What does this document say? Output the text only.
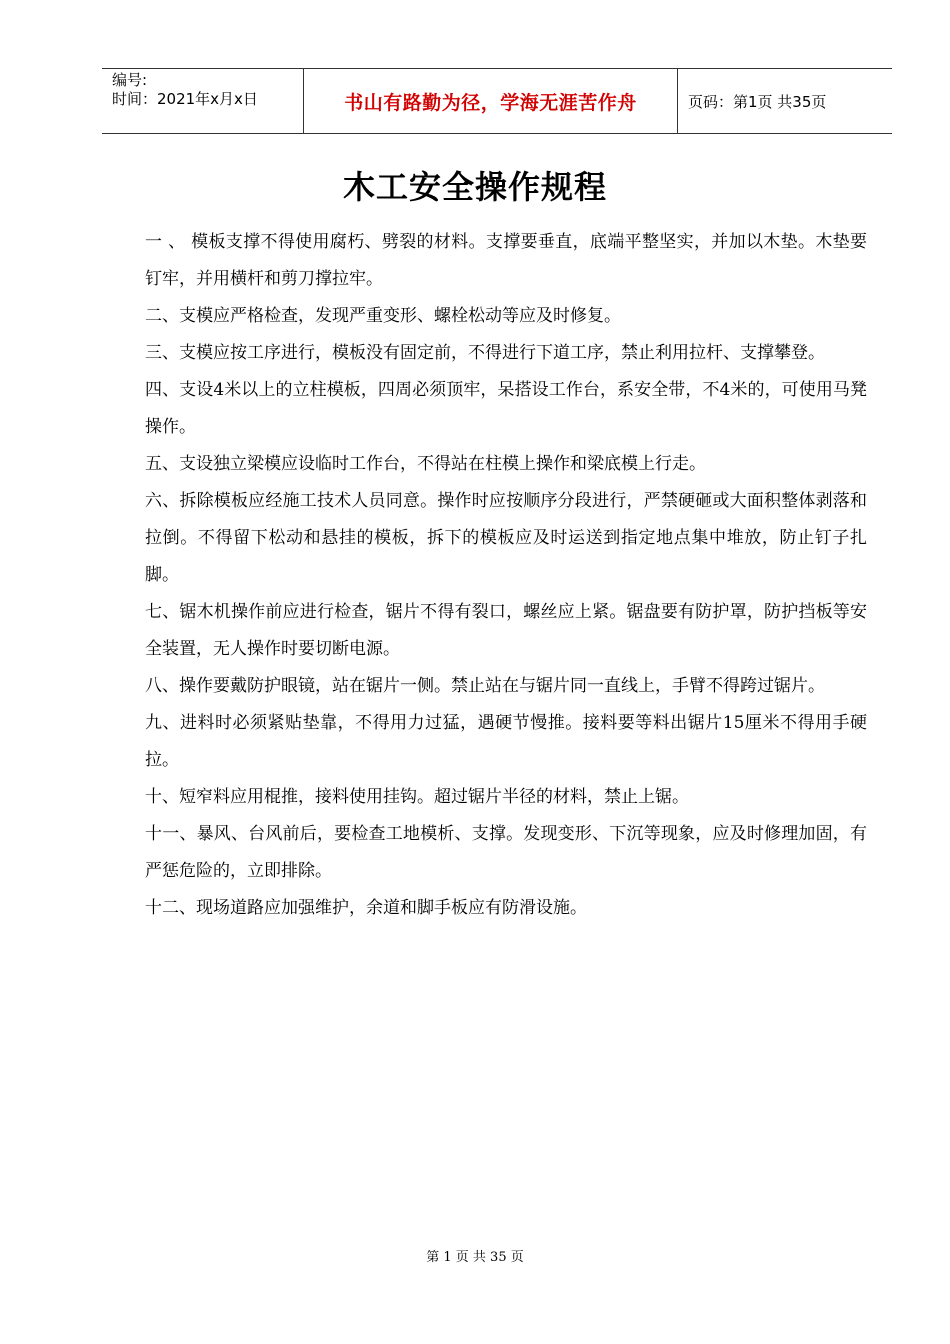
编号:
时间：2021年x月x日	书山有路勤为径，学海无涯苦作舟	页码：第1页 共35页
木工安全操作规程

一 、 模板支撑不得使用腐朽、劈裂的材料。支撑要垂直，底端平整坚实，并加以木垫。木垫要钉牢，并用横杆和剪刀撑拉牢。

二、支模应严格检查，发现严重变形、螺栓松动等应及时修复。

三、支模应按工序进行，模板没有固定前，不得进行下道工序，禁止利用拉杆、支撑攀登。

四、支设4米以上的立柱模板，四周必须顶牢，呆搭设工作台，系安全带，不4米的，可使用马凳操作。

五、支设独立梁模应设临时工作台，不得站在柱模上操作和梁底模上行走。

六、拆除模板应经施工技术人员同意。操作时应按顺序分段进行，严禁硬砸或大面积整体剥落和拉倒。不得留下松动和悬挂的模板，拆下的模板应及时运送到指定地点集中堆放，防止钉子扎脚。

七、锯木机操作前应进行检查，锯片不得有裂口，螺丝应上紧。锯盘要有防护罩，防护挡板等安全装置，无人操作时要切断电源。

八、操作要戴防护眼镜，站在锯片一侧。禁止站在与锯片同一直线上，手臂不得跨过锯片。

九、进料时必须紧贴垫靠，不得用力过猛，遇硬节慢推。接料要等料出锯片15厘米不得用手硬拉。

十、短窄料应用棍推，接料使用挂钩。超过锯片半径的材料，禁止上锯。

十一、暴风、台风前后，要检查工地模析、支撑。发现变形、下沉等现象，应及时修理加固，有严惩危险的，立即排除。

十二、现场道路应加强维护，余道和脚手板应有防滑设施。

第 1 页 共 35 页
